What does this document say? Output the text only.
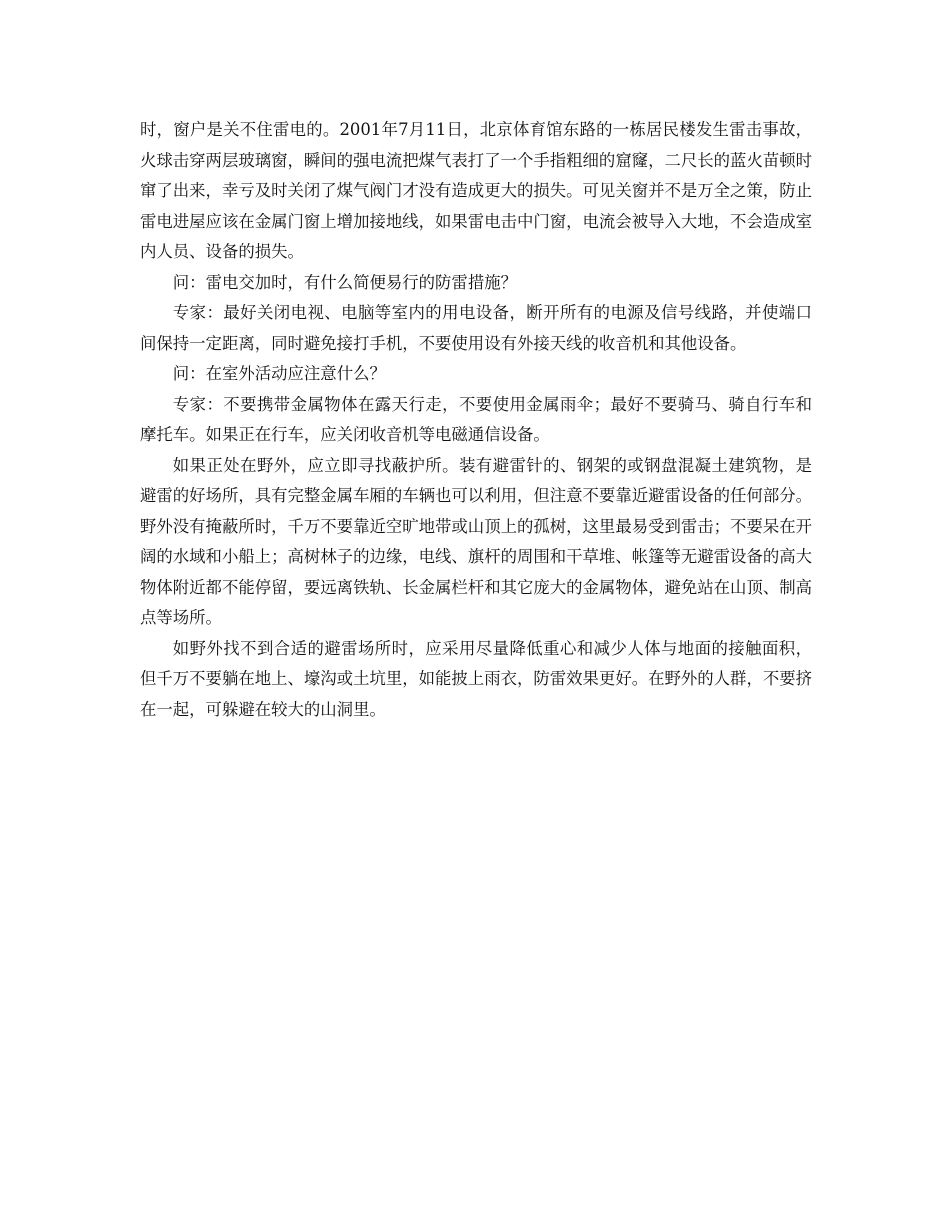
时，窗户是关不住雷电的。2001年7月11日，北京体育馆东路的一栋居民楼发生雷击事故，火球击穿两层玻璃窗，瞬间的强电流把煤气表打了一个手指粗细的窟窿，二尺长的蓝火苗顿时窜了出来，幸亏及时关闭了煤气阀门才没有造成更大的损失。可见关窗并不是万全之策，防止雷电进屋应该在金属门窗上增加接地线，如果雷电击中门窗，电流会被导入大地，不会造成室内人员、设备的损失。

问：雷电交加时，有什么简便易行的防雷措施？

专家：最好关闭电视、电脑等室内的用电设备，断开所有的电源及信号线路，并使端口间保持一定距离，同时避免接打手机，不要使用设有外接天线的收音机和其他设备。

问：在室外活动应注意什么？

专家：不要携带金属物体在露天行走，不要使用金属雨伞；最好不要骑马、骑自行车和摩托车。如果正在行车，应关闭收音机等电磁通信设备。

如果正处在野外，应立即寻找蔽护所。装有避雷针的、钢架的或钢盘混凝土建筑物，是避雷的好场所，具有完整金属车厢的车辆也可以利用，但注意不要靠近避雷设备的任何部分。野外没有掩蔽所时，千万不要靠近空旷地带或山顶上的孤树，这里最易受到雷击；不要呆在开阔的水域和小船上；高树林子的边缘，电线、旗杆的周围和干草堆、帐篷等无避雷设备的高大物体附近都不能停留，要远离铁轨、长金属栏杆和其它庞大的金属物体，避免站在山顶、制高点等场所。

如野外找不到合适的避雷场所时，应采用尽量降低重心和减少人体与地面的接触面积，但千万不要躺在地上、壕沟或土坑里，如能披上雨衣，防雷效果更好。在野外的人群，不要挤在一起，可躲避在较大的山洞里。
